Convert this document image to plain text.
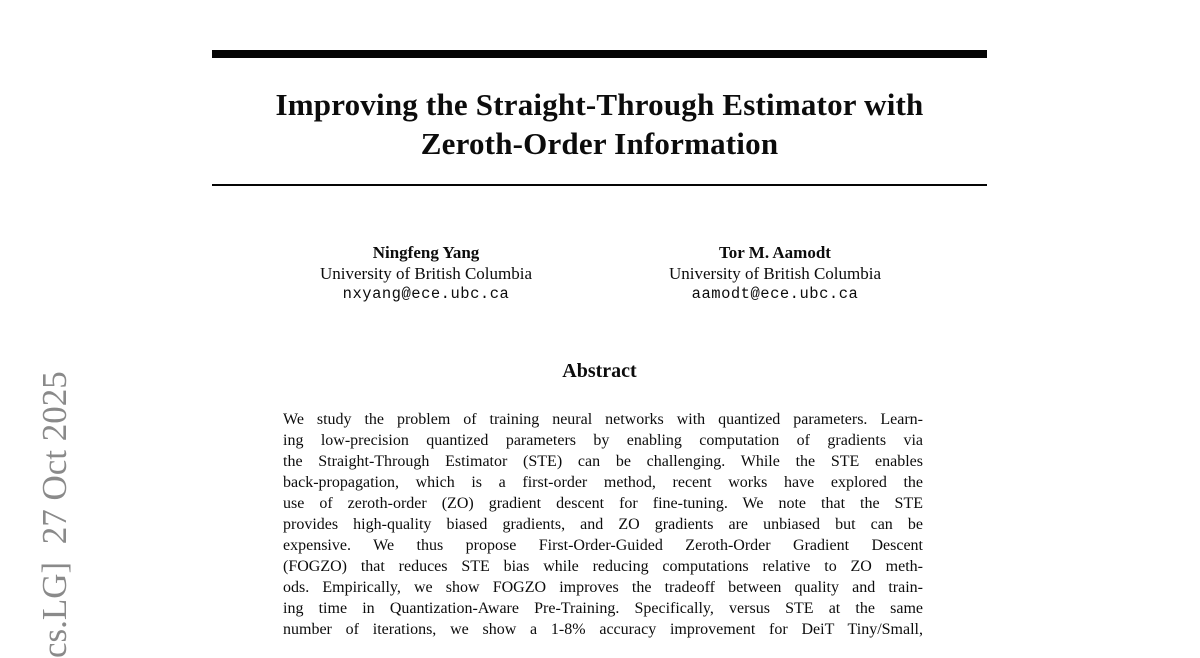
cs.LG]  27 Oct 2025
Improving the Straight-Through Estimator with
Zeroth-Order Information
Ningfeng Yang
University of British Columbia
nxyang@ece.ubc.ca
Tor M. Aamodt
University of British Columbia
aamodt@ece.ubc.ca
Abstract
We study the problem of training neural networks with quantized parameters. Learn-
ing low-precision quantized parameters by enabling computation of gradients via
the Straight-Through Estimator (STE) can be challenging. While the STE enables
back-propagation, which is a first-order method, recent works have explored the
use of zeroth-order (ZO) gradient descent for fine-tuning. We note that the STE
provides high-quality biased gradients, and ZO gradients are unbiased but can be
expensive. We thus propose First-Order-Guided Zeroth-Order Gradient Descent
(FOGZO) that reduces STE bias while reducing computations relative to ZO meth-
ods. Empirically, we show FOGZO improves the tradeoff between quality and train-
ing time in Quantization-Aware Pre-Training. Specifically, versus STE at the same
number of iterations, we show a 1-8% accuracy improvement for DeiT Tiny/Small,
